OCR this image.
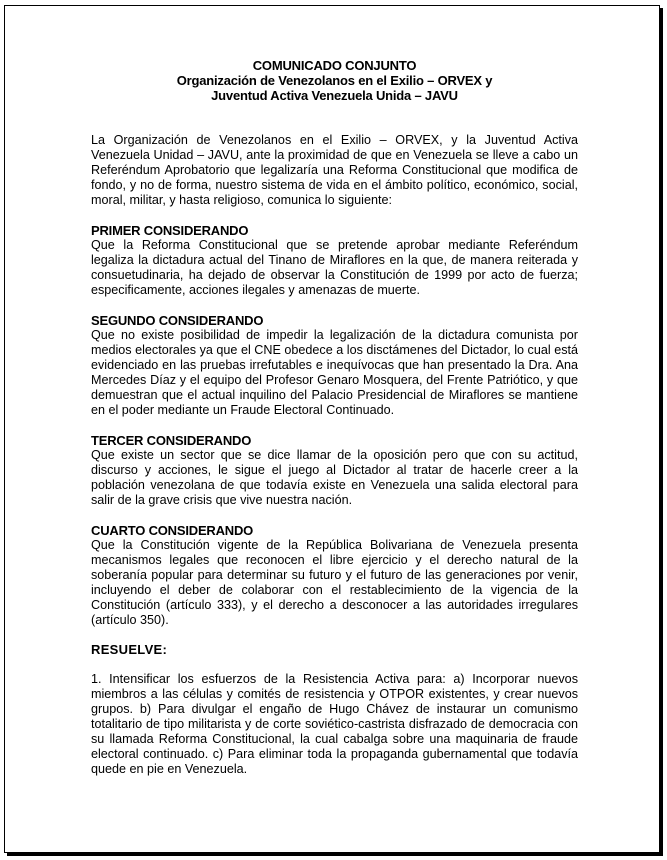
COMUNICADO CONJUNTO
Organización de Venezolanos en el Exilio – ORVEX y
Juventud Activa Venezuela Unida – JAVU
La Organización de Venezolanos en el Exilio – ORVEX, y la Juventud Activa Venezuela Unidad – JAVU, ante la proximidad de que en Venezuela se lleve a cabo un Referéndum Aprobatorio que legalizaría una Reforma Constitucional que modifica de fondo, y no de forma, nuestro sistema de vida en el ámbito político, económico, social, moral, militar, y hasta religioso, comunica lo siguiente:
PRIMER CONSIDERANDO
Que la Reforma Constitucional que se pretende aprobar mediante Referéndum legaliza la dictadura actual del Tinano de Miraflores en la que, de manera reiterada y consuetudinaria, ha dejado de observar la Constitución de 1999 por acto de fuerza; especificamente, acciones ilegales y amenazas de muerte.
SEGUNDO CONSIDERANDO
Que no existe posibilidad de impedir la legalización de la dictadura comunista por medios electorales ya que el CNE obedece a los disctámenes del Dictador, lo cual está evidenciado en las pruebas irrefutables e inequívocas que han presentado la Dra. Ana Mercedes Díaz y el equipo del Profesor Genaro Mosquera, del Frente Patriótico, y que demuestran que el actual inquilino del Palacio Presidencial de Miraflores se mantiene en el poder mediante un Fraude Electoral Continuado.
TERCER CONSIDERANDO
Que existe un sector que se dice llamar de la oposición pero que con su actitud, discurso y acciones, le sigue el juego al Dictador al tratar de hacerle creer a la población venezolana de que todavía existe en Venezuela una salida electoral para salir de la grave crisis que vive nuestra nación.
CUARTO CONSIDERANDO
Que la Constitución vigente de la República Bolivariana de Venezuela presenta mecanismos legales que reconocen el libre ejercicio y el derecho natural de la soberanía popular para determinar su futuro y el futuro de las generaciones por venir, incluyendo el deber de colaborar con el restablecimiento de la vigencia de la Constitución (artículo 333), y el derecho a desconocer a las autoridades irregulares (artículo 350).
RESUELVE:
1. Intensificar los esfuerzos de la Resistencia Activa para: a) Incorporar nuevos miembros a las células y comités de resistencia y OTPOR existentes, y crear nuevos grupos. b) Para divulgar el engaño de Hugo Chávez de instaurar un comunismo totalitario de tipo militarista y de corte soviético-castrista disfrazado de democracia con su llamada Reforma Constitucional, la cual cabalga sobre una maquinaria de fraude electoral continuado. c) Para eliminar toda la propaganda gubernamental que todavía quede en pie en Venezuela.
